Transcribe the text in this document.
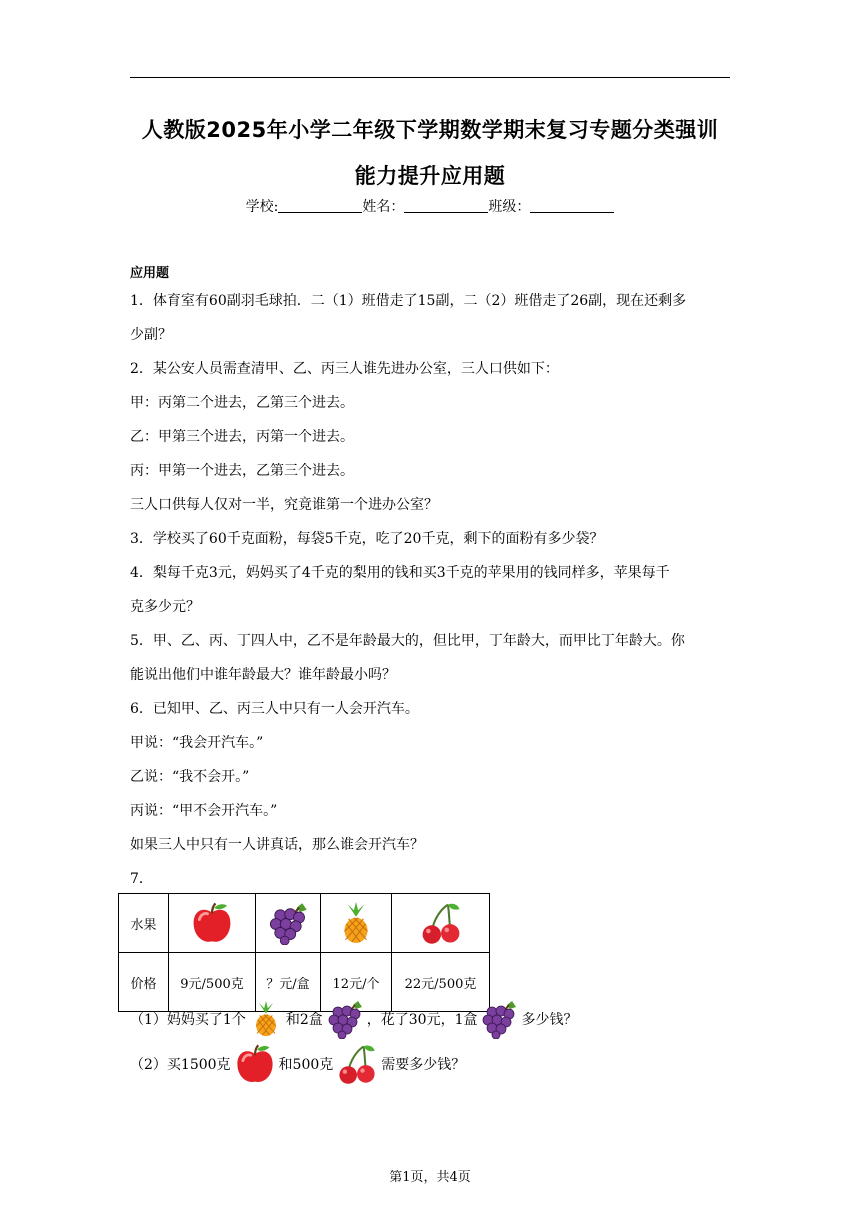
人教版2025年小学二年级下学期数学期末复习专题分类强训
能力提升应用题
学校:	姓名：	班级：
应用题
1．体育室有60副羽毛球拍．二（1）班借走了15副，二（2）班借走了26副，现在还剩多
少副？
2．某公安人员需查清甲、乙、丙三人谁先进办公室，三人口供如下：
甲：丙第二个进去，乙第三个进去。
乙：甲第三个进去，丙第一个进去。
丙：甲第一个进去，乙第三个进去。
三人口供每人仅对一半，究竟谁第一个进办公室？
3．学校买了60千克面粉，每袋5千克，吃了20千克，剩下的面粉有多少袋？
4．梨每千克3元，妈妈买了4千克的梨用的钱和买3千克的苹果用的钱同样多，苹果每千
克多少元？
5．甲、乙、丙、丁四人中，乙不是年龄最大的，但比甲，丁年龄大，而甲比丁年龄大。你
能说出他们中谁年龄最大？谁年龄最小吗？
6．已知甲、乙、丙三人中只有一人会开汽车。
甲说：“我会开汽车。”
乙说：“我不会开。”
丙说：“甲不会开汽车。”
如果三人中只有一人讲真话，那么谁会开汽车？
7．
水果	

价格	9元/500克	？元/盒	12元/个	22元/500克
（1）妈妈买了1个	和2盒	，花了30元，1盒	多少钱？
（2）买1500克	和500克	需要多少钱？
第1页，共4页
